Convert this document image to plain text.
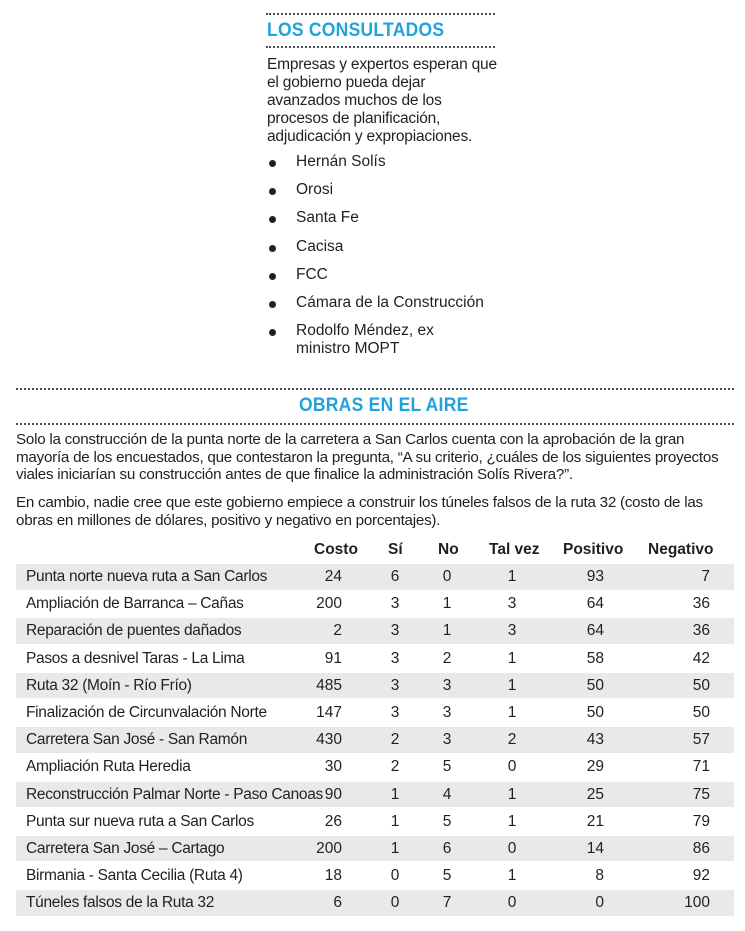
LOS CONSULTADOS
Empresas y expertos esperan que el gobierno pueda dejar avanzados muchos de los procesos de planificación, adjudicación y expropiaciones.
Hernán Solís
Orosi
Santa Fe
Cacisa
FCC
Cámara de la Construcción
Rodolfo Méndez, ex ministro MOPT
OBRAS EN EL AIRE

Solo la construcción de la punta norte de la carretera a San Carlos cuenta con la aprobación de la gran mayoría de los encuestados, que contestaron la pregunta, “A su criterio, ¿cuáles de los siguientes proyectos viales iniciarían su construcción antes de que finalice la administración Solís Rivera?”.

En cambio, nadie cree que este gobierno empiece a construir los túneles falsos de la ruta 32 (costo de las obras en millones de dólares, positivo y negativo en porcentajes).

Costo Sí No Tal vez Positivo Negativo
Punta norte nueva ruta a San Carlos	24	6	0	1	93	7
Ampliación de Barranca – Cañas	200	3	1	3	64	36
Reparación de puentes dañados	2	3	1	3	64	36
Pasos a desnivel Taras - La Lima	91	3	2	1	58	42
Ruta 32 (Moín - Río Frío)	485	3	3	1	50	50
Finalización de Circunvalación Norte	147	3	3	1	50	50
Carretera San José - San Ramón	430	2	3	2	43	57
Ampliación Ruta Heredia	30	2	5	0	29	71
Reconstrucción Palmar Norte - Paso Canoas 90	1	4	1	25	75
Punta sur nueva ruta a San Carlos	26	1	5	1	21	79
Carretera San José – Cartago	200	1	6	0	14	86
Birmania - Santa Cecilia (Ruta 4)	18	0	5	1	8	92
Túneles falsos de la Ruta 32	6	0	7	0	0	100
